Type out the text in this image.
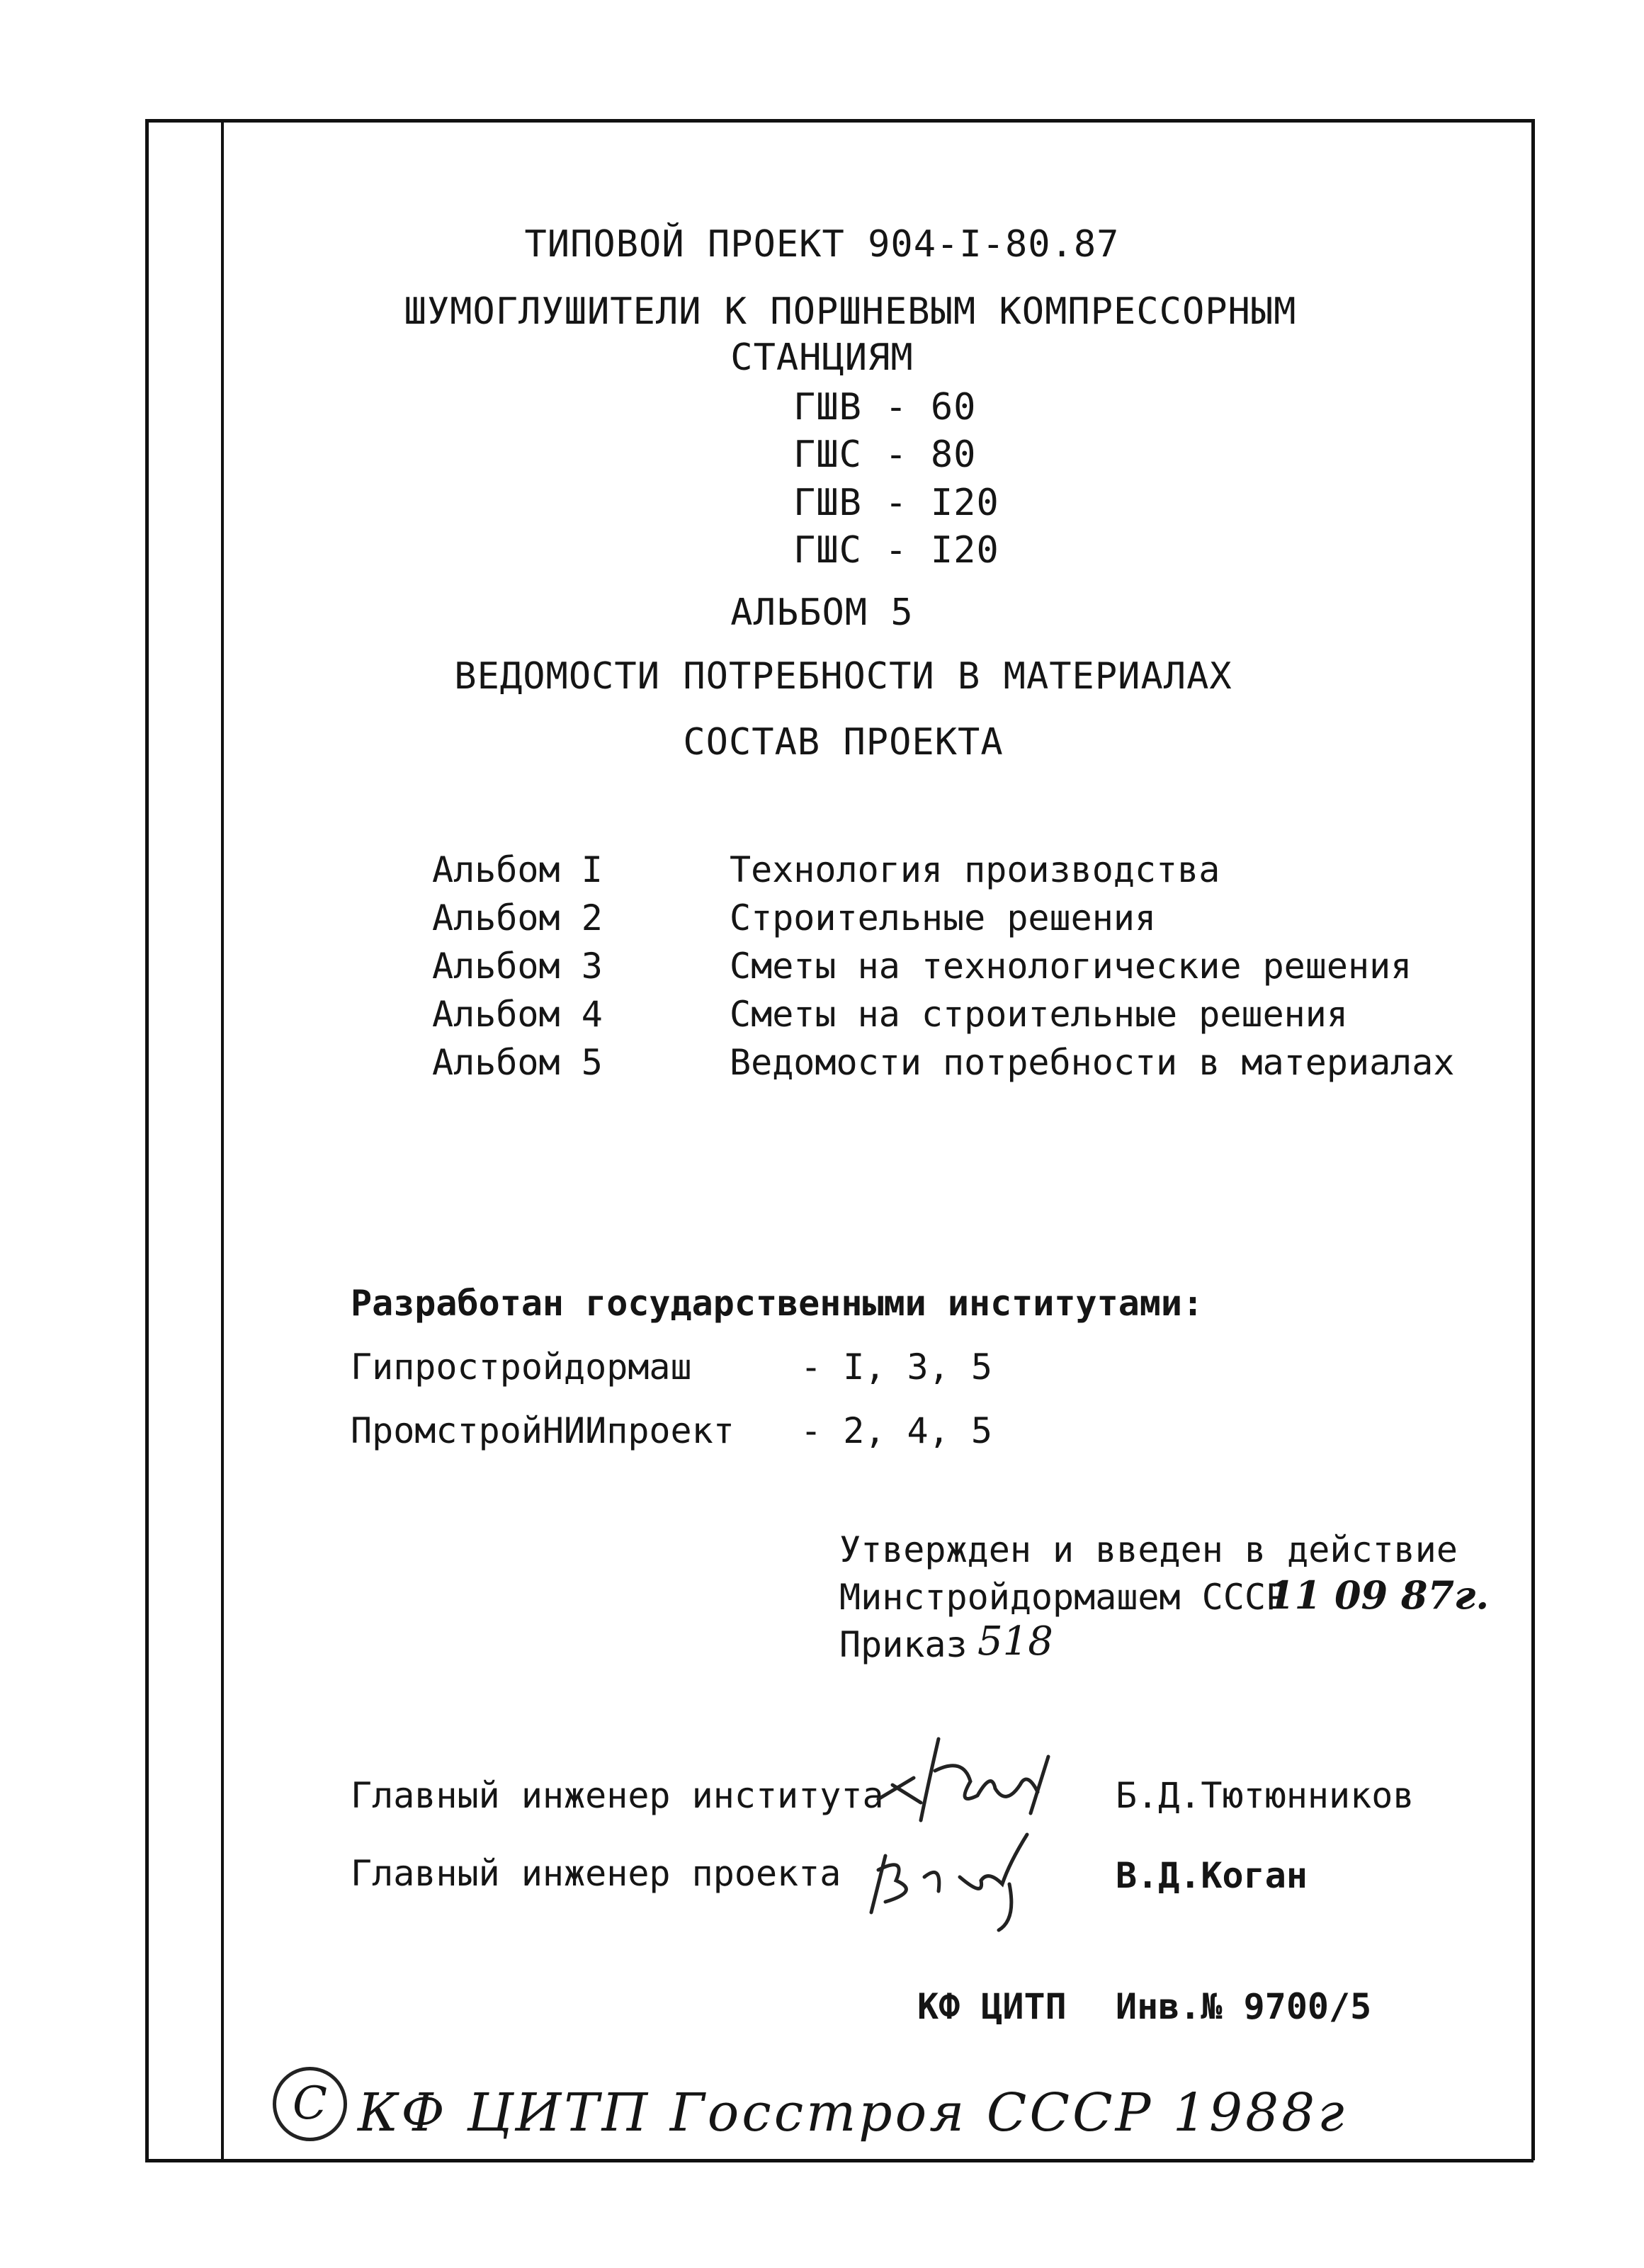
ТИПОВОЙ ПРОЕКТ 904-I-80.87
ШУМОГЛУШИТЕЛИ К ПОРШНЕВЫМ КОМПРЕССОРНЫМ
СТАНЦИЯМ
ГШВ - 60
ГШС - 80
ГШВ - I20
ГШС - I20
АЛЬБОМ 5
ВЕДОМОСТИ ПОТРЕБНОСТИ В МАТЕРИАЛАХ
СОСТАВ ПРОЕКТА
Альбом I	Технология производства
Альбом 2	Строительные решения
Альбом 3	Сметы на технологические решения
Альбом 4	Сметы на строительные решения
Альбом 5	Ведомости потребности в материалах
Разработан государственными институтами:
Гипростройдормаш	- I, 3, 5
ПромстройНИИпроект - 2, 4, 5
Утвержден и введен в действие
Минстройдормашем СССР
11 09 87г.
Приказ 518
Главный инженер института	Б.Д.Тютюнников
Главный инженер проекта	В.Д.Коган
КФ ЦИТП Инв.№ 9700/5
С КФ ЦИТП Госстроя СССР 1988г
